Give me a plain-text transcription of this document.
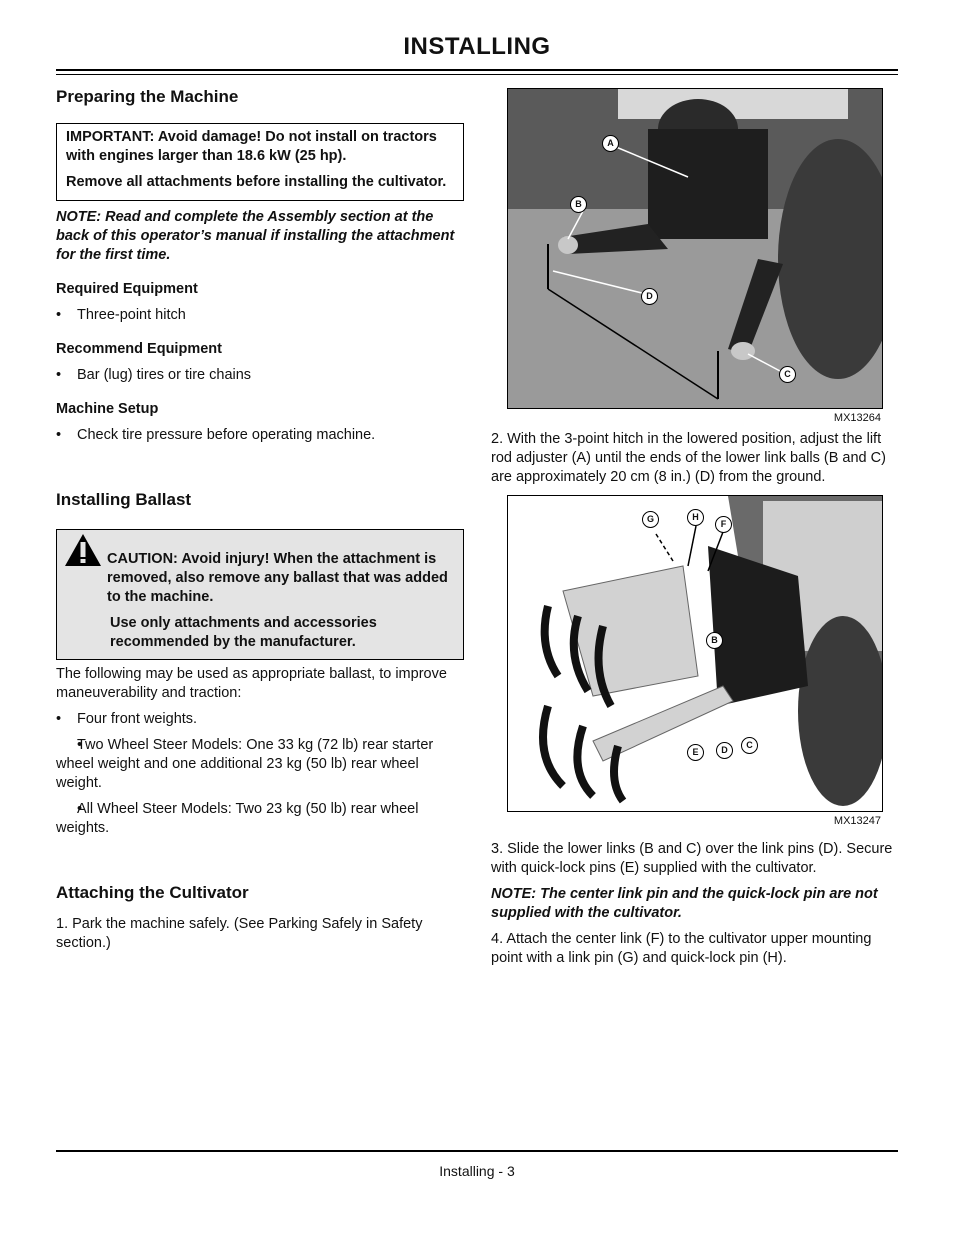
INSTALLING
Preparing the Machine

IMPORTANT: Avoid damage! Do not install on tractors with engines larger than 18.6 kW (25 hp).

Remove all attachments before installing the cultivator.

NOTE: Read and complete the Assembly section at the back of this operator’s manual if installing the attachment for the first time.

Required Equipment

• Three-point hitch

Recommend Equipment

• Bar (lug) tires or tire chains

Machine Setup

• Check tire pressure before operating machine.

Installing Ballast

CAUTION: Avoid injury! When the attachment is removed, also remove any ballast that was added to the machine.

Use only attachments and accessories recommended by the manufacturer.

The following may be used as appropriate ballast, to improve maneuverability and traction:

• Four front weights.

• Two Wheel Steer Models: One 33 kg (72 lb) rear starter wheel weight and one additional 23 kg (50 lb) rear wheel weight.

• All Wheel Steer Models: Two 23 kg (50 lb) rear wheel weights.

Attaching the Cultivator

1. Park the machine safely. (See Parking Safely in Safety section.)

A
B
D
C
MX13264

2. With the 3-point hitch in the lowered position, adjust the lift rod adjuster (A) until the ends of the lower link balls (B and C) are approximately 20 cm (8 in.) (D) from the ground.

G	H
F
B
E	D	C
MX13247

3. Slide the lower links (B and C) over the link pins (D). Secure with quick-lock pins (E) supplied with the cultivator.

NOTE: The center link pin and the quick-lock pin are not supplied with the cultivator.

4. Attach the center link (F) to the cultivator upper mounting point with a link pin (G) and quick-lock pin (H).

Installing - 3
